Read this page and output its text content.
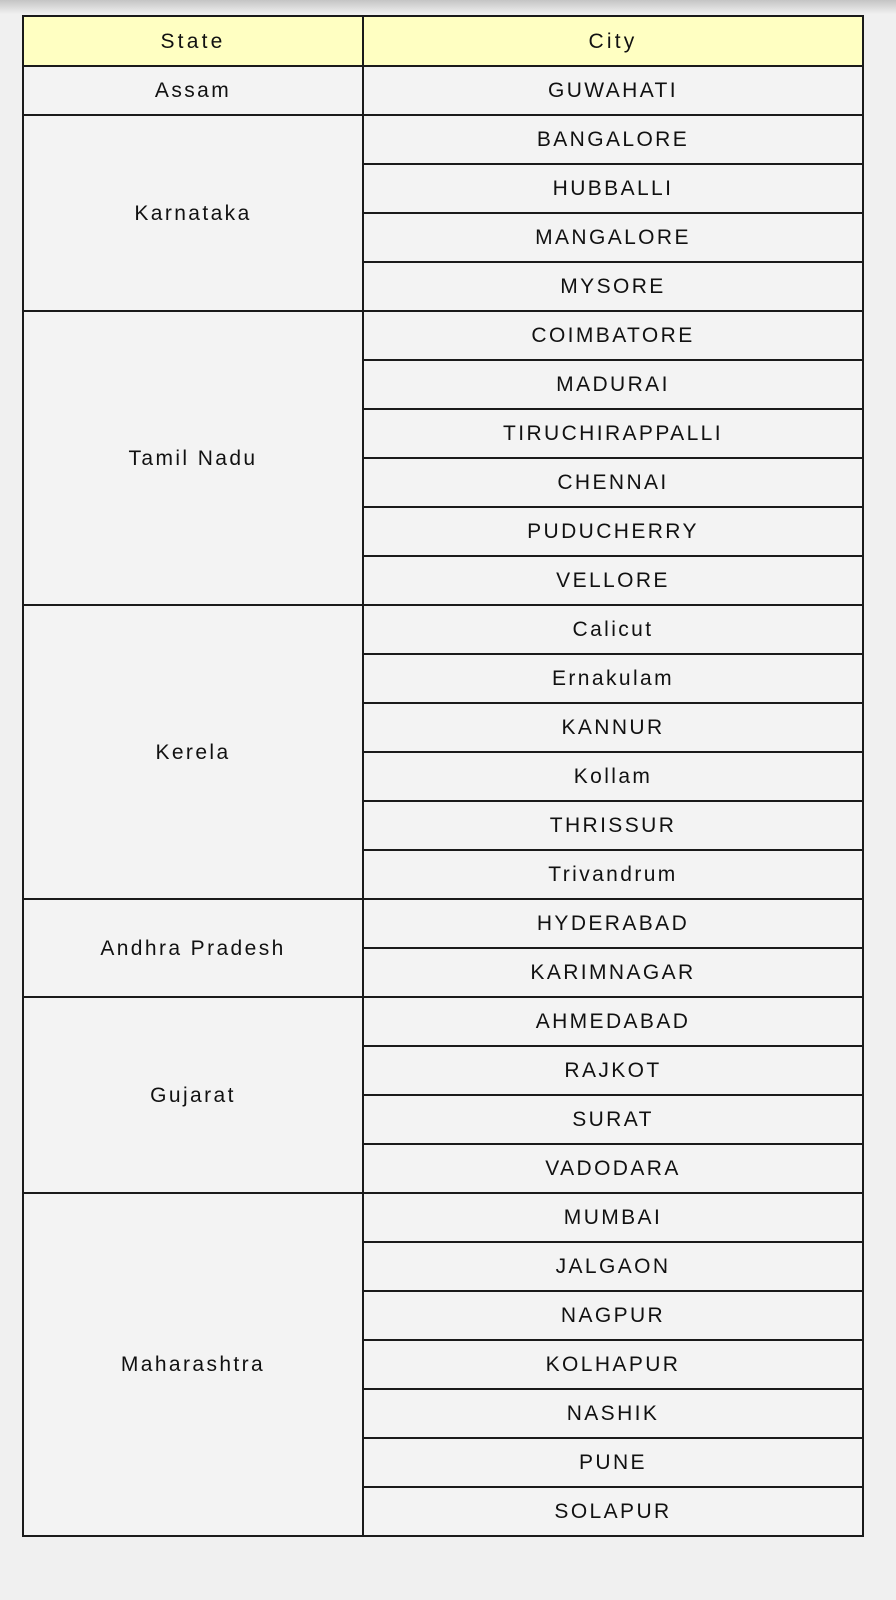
State	City
Assam	GUWAHATI
Karnataka	BANGALORE
	HUBBALLI
	MANGALORE
	MYSORE
Tamil Nadu	COIMBATORE
	MADURAI
	TIRUCHIRAPPALLI
	CHENNAI
	PUDUCHERRY
	VELLORE
Kerela	Calicut
	Ernakulam
	KANNUR
	Kollam
	THRISSUR
	Trivandrum
Andhra Pradesh	HYDERABAD
	KARIMNAGAR
Gujarat	AHMEDABAD
	RAJKOT
	SURAT
	VADODARA
Maharashtra	MUMBAI
	JALGAON
	NAGPUR
	KOLHAPUR
	NASHIK
	PUNE
	SOLAPUR
